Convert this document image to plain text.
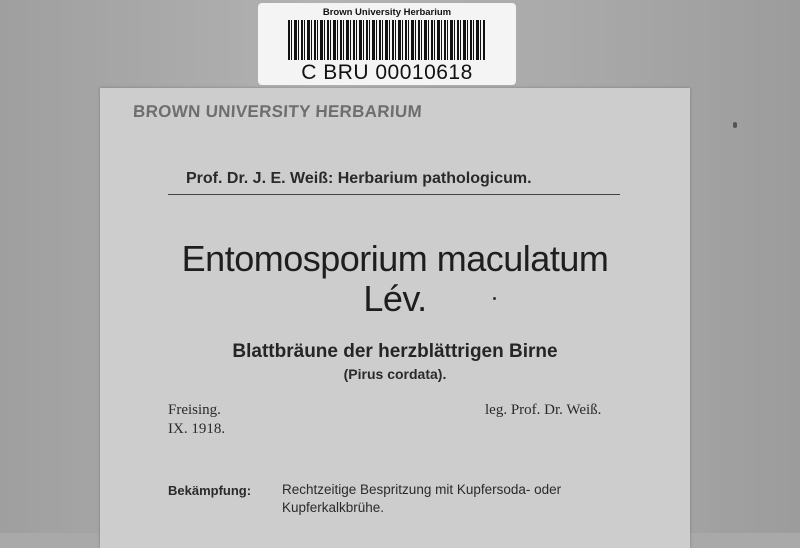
Brown University Herbarium
C BRU 00010618
BROWN UNIVERSITY HERBARIUM
Prof. Dr. J. E. Weiß: Herbarium pathologicum.
Entomosporium maculatum
Lév.
Blattbräune der herzblättrigen Birne
(Pirus cordata).
Freising.
IX. 1918.
leg. Prof. Dr. Weiß.
Bekämpfung: Rechtzeitige Bespritzung mit Kupfersoda- oder
Kupferkalkbrühe.
